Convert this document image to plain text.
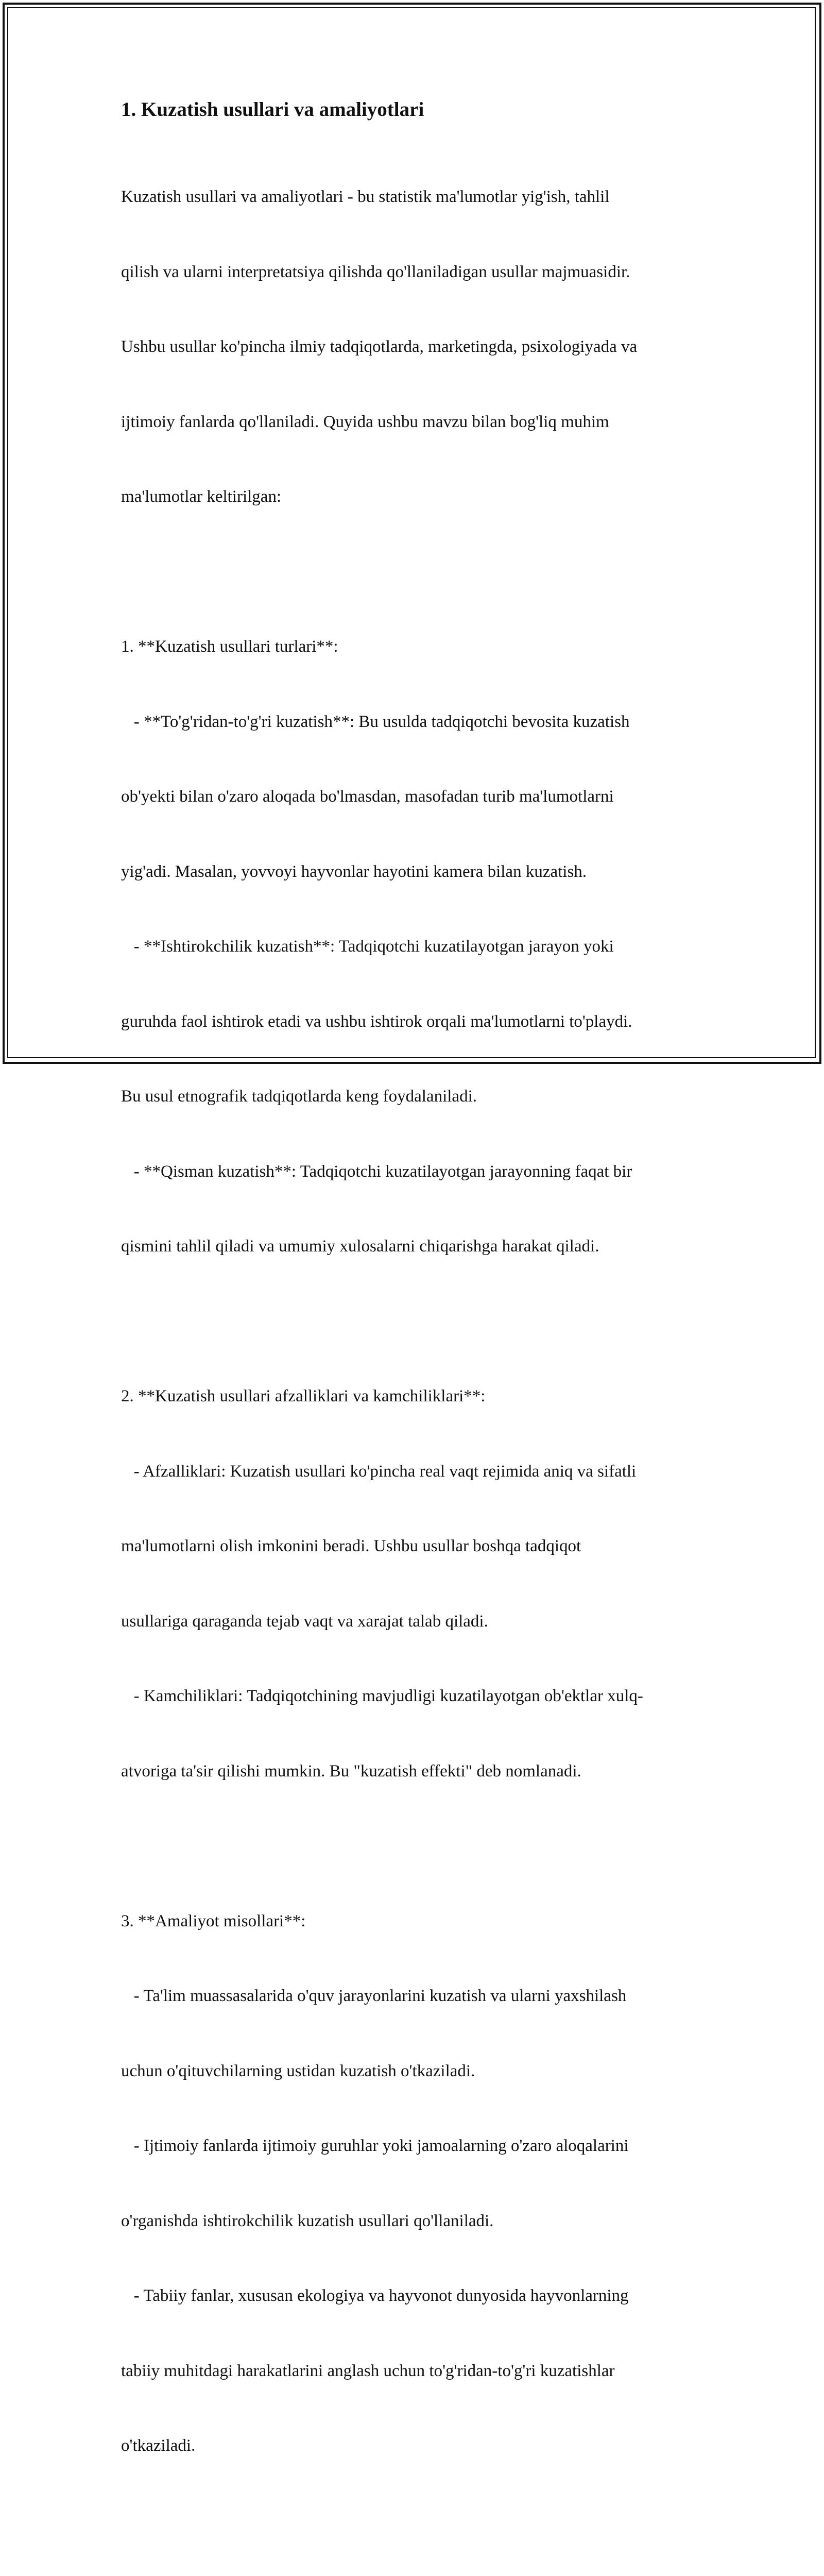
1. Kuzatish usullari va amaliyotlari

Kuzatish usullari va amaliyotlari - bu statistik ma'lumotlar yig'ish, tahlil

qilish va ularni interpretatsiya qilishda qo'llaniladigan usullar majmuasidir.

Ushbu usullar ko'pincha ilmiy tadqiqotlarda, marketingda, psixologiyada va

ijtimoiy fanlarda qo'llaniladi. Quyida ushbu mavzu bilan bog'liq muhim

ma'lumotlar keltirilgan:

1. **Kuzatish usullari turlari**:

- **To'g'ridan-to'g'ri kuzatish**: Bu usulda tadqiqotchi bevosita kuzatish

ob'yekti bilan o'zaro aloqada bo'lmasdan, masofadan turib ma'lumotlarni

yig'adi. Masalan, yovvoyi hayvonlar hayotini kamera bilan kuzatish.

- **Ishtirokchilik kuzatish**: Tadqiqotchi kuzatilayotgan jarayon yoki

guruhda faol ishtirok etadi va ushbu ishtirok orqali ma'lumotlarni to'playdi.

Bu usul etnografik tadqiqotlarda keng foydalaniladi.

- **Qisman kuzatish**: Tadqiqotchi kuzatilayotgan jarayonning faqat bir

qismini tahlil qiladi va umumiy xulosalarni chiqarishga harakat qiladi.

2. **Kuzatish usullari afzalliklari va kamchiliklari**:

- Afzalliklari: Kuzatish usullari ko'pincha real vaqt rejimida aniq va sifatli

ma'lumotlarni olish imkonini beradi. Ushbu usullar boshqa tadqiqot

usullariga qaraganda tejab vaqt va xarajat talab qiladi.

- Kamchiliklari: Tadqiqotchining mavjudligi kuzatilayotgan ob'ektlar xulq-

atvoriga ta'sir qilishi mumkin. Bu "kuzatish effekti" deb nomlanadi.

3. **Amaliyot misollari**:

- Ta'lim muassasalarida o'quv jarayonlarini kuzatish va ularni yaxshilash

uchun o'qituvchilarning ustidan kuzatish o'tkaziladi.

- Ijtimoiy fanlarda ijtimoiy guruhlar yoki jamoalarning o'zaro aloqalarini

o'rganishda ishtirokchilik kuzatish usullari qo'llaniladi.

- Tabiiy fanlar, xususan ekologiya va hayvonot dunyosida hayvonlarning

tabiiy muhitdagi harakatlarini anglash uchun to'g'ridan-to'g'ri kuzatishlar

o'tkaziladi.
